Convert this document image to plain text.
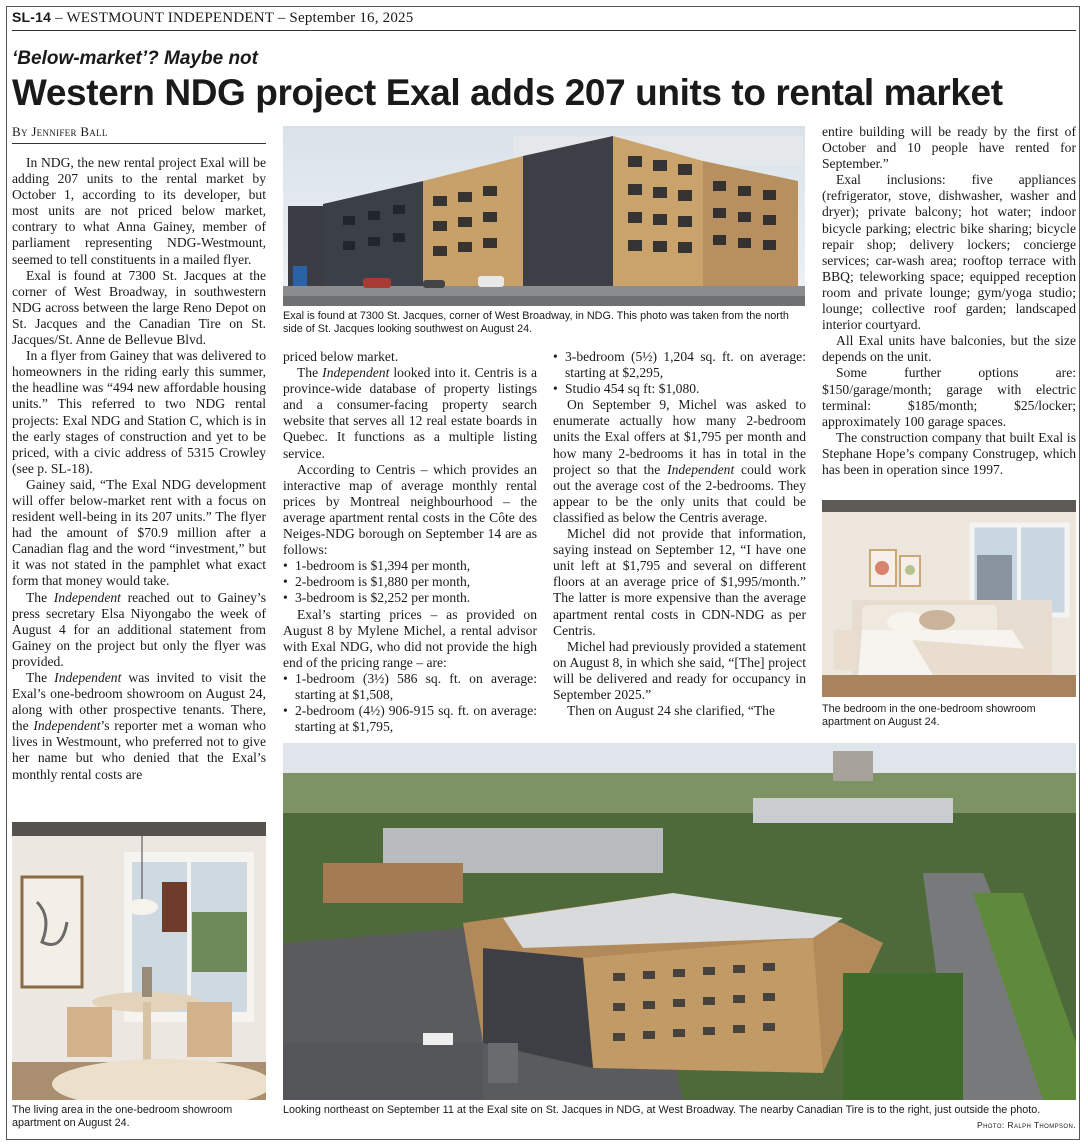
SL-14 – WESTMOUNT INDEPENDENT – September 16, 2025
‘Below-market’? Maybe not
Western NDG project Exal adds 207 units to rental market
By Jennifer Ball

In NDG, the new rental project Exal will be adding 207 units to the rental market by October 1, according to its developer, but most units are not priced below market, contrary to what Anna Gainey, member of parliament representing NDG-Westmount, seemed to tell constituents in a mailed flyer.

Exal is found at 7300 St. Jacques at the corner of West Broadway, in southwestern NDG across between the large Reno Depot on St. Jacques and the Canadian Tire on St. Jacques/St. Anne de Bellevue Blvd.

In a flyer from Gainey that was delivered to homeowners in the riding early this summer, the headline was “494 new affordable housing units.” This referred to two NDG rental projects: Exal NDG and Station C, which is in the early stages of construction and yet to be priced, with a civic address of 5315 Crowley (see p. SL-18).

Gainey said, “The Exal NDG development will offer below-market rent with a focus on resident well-being in its 207 units.” The flyer had the amount of $70.9 million after a Canadian flag and the word “investment,” but it was not stated in the pamphlet what exact form that money would take.

The Independent reached out to Gainey’s press secretary Elsa Niyongabo the week of August 4 for an additional statement from Gainey on the project but only the flyer was provided.

The Independent was invited to visit the Exal’s one-bedroom showroom on August 24, along with other prospective tenants. There, the Independent’s reporter met a woman who lives in Westmount, who preferred not to give her name but who denied that the Exal’s monthly rental costs are

Exal is found at 7300 St. Jacques, corner of West Broadway, in NDG. This photo was taken from the north side of St. Jacques looking southwest on August 24.

priced below market.

The Independent looked into it. Centris is a province-wide database of property listings and a consumer-facing property search website that serves all 12 real estate boards in Quebec. It functions as a multiple listing service.

According to Centris – which provides an interactive map of average monthly rental prices by Montreal neighbourhood – the average apartment rental costs in the Côte des Neiges-NDG borough on September 14 are as follows:

• 1-bedroom is $1,394 per month,
• 2-bedroom is $1,880 per month,
• 3-bedroom is $2,252 per month.

Exal’s starting prices – as provided on August 8 by Mylene Michel, a rental advisor with Exal NDG, who did not provide the high end of the pricing range – are:

• 1-bedroom (3½) 586 sq. ft. on average: starting at $1,508,
• 2-bedroom (4½) 906-915 sq. ft. on average: starting at $1,795,
• 3-bedroom (5½) 1,204 sq. ft. on average: starting at $2,295,
• Studio 454 sq ft: $1,080.

On September 9, Michel was asked to enumerate actually how many 2-bedroom units the Exal offers at $1,795 per month and how many 2-bedrooms it has in total in the project so that the Independent could work out the average cost of the 2-bedrooms. They appear to be the only units that could be classified as below the Centris average.

Michel did not provide that information, saying instead on September 12, “I have one unit left at $1,795 and several on different floors at an average price of $1,995/month.” The latter is more expensive than the average apartment rental costs in CDN-NDG as per Centris.

Michel had previously provided a statement on August 8, in which she said, “[The] project will be delivered and ready for occupancy in September 2025.”

Then on August 24 she clarified, “The

entire building will be ready by the first of October and 10 people have rented for September.”

Exal inclusions: five appliances (refrigerator, stove, dishwasher, washer and dryer); private balcony; hot water; indoor bicycle parking; electric bike sharing; bicycle repair shop; delivery lockers; concierge services; car-wash area; rooftop terrace with BBQ; teleworking space; equipped reception room and private lounge; gym/yoga studio; lounge; collective roof garden; landscaped interior courtyard.

All Exal units have balconies, but the size depends on the unit.

Some further options are: $150/garage/month; garage with electric terminal: $185/month; $25/locker; approximately 100 garage spaces.

The construction company that built Exal is Stephane Hope’s company Construgep, which has been in operation since 1997.

The bedroom in the one-bedroom showroom apartment on August 24.
The living area in the one-bedroom showroom apartment on August 24.
Looking northeast on September 11 at the Exal site on St. Jacques in NDG, at West Broadway. The nearby Canadian Tire is to the right, just outside the photo.
Photo: Ralph Thompson.
